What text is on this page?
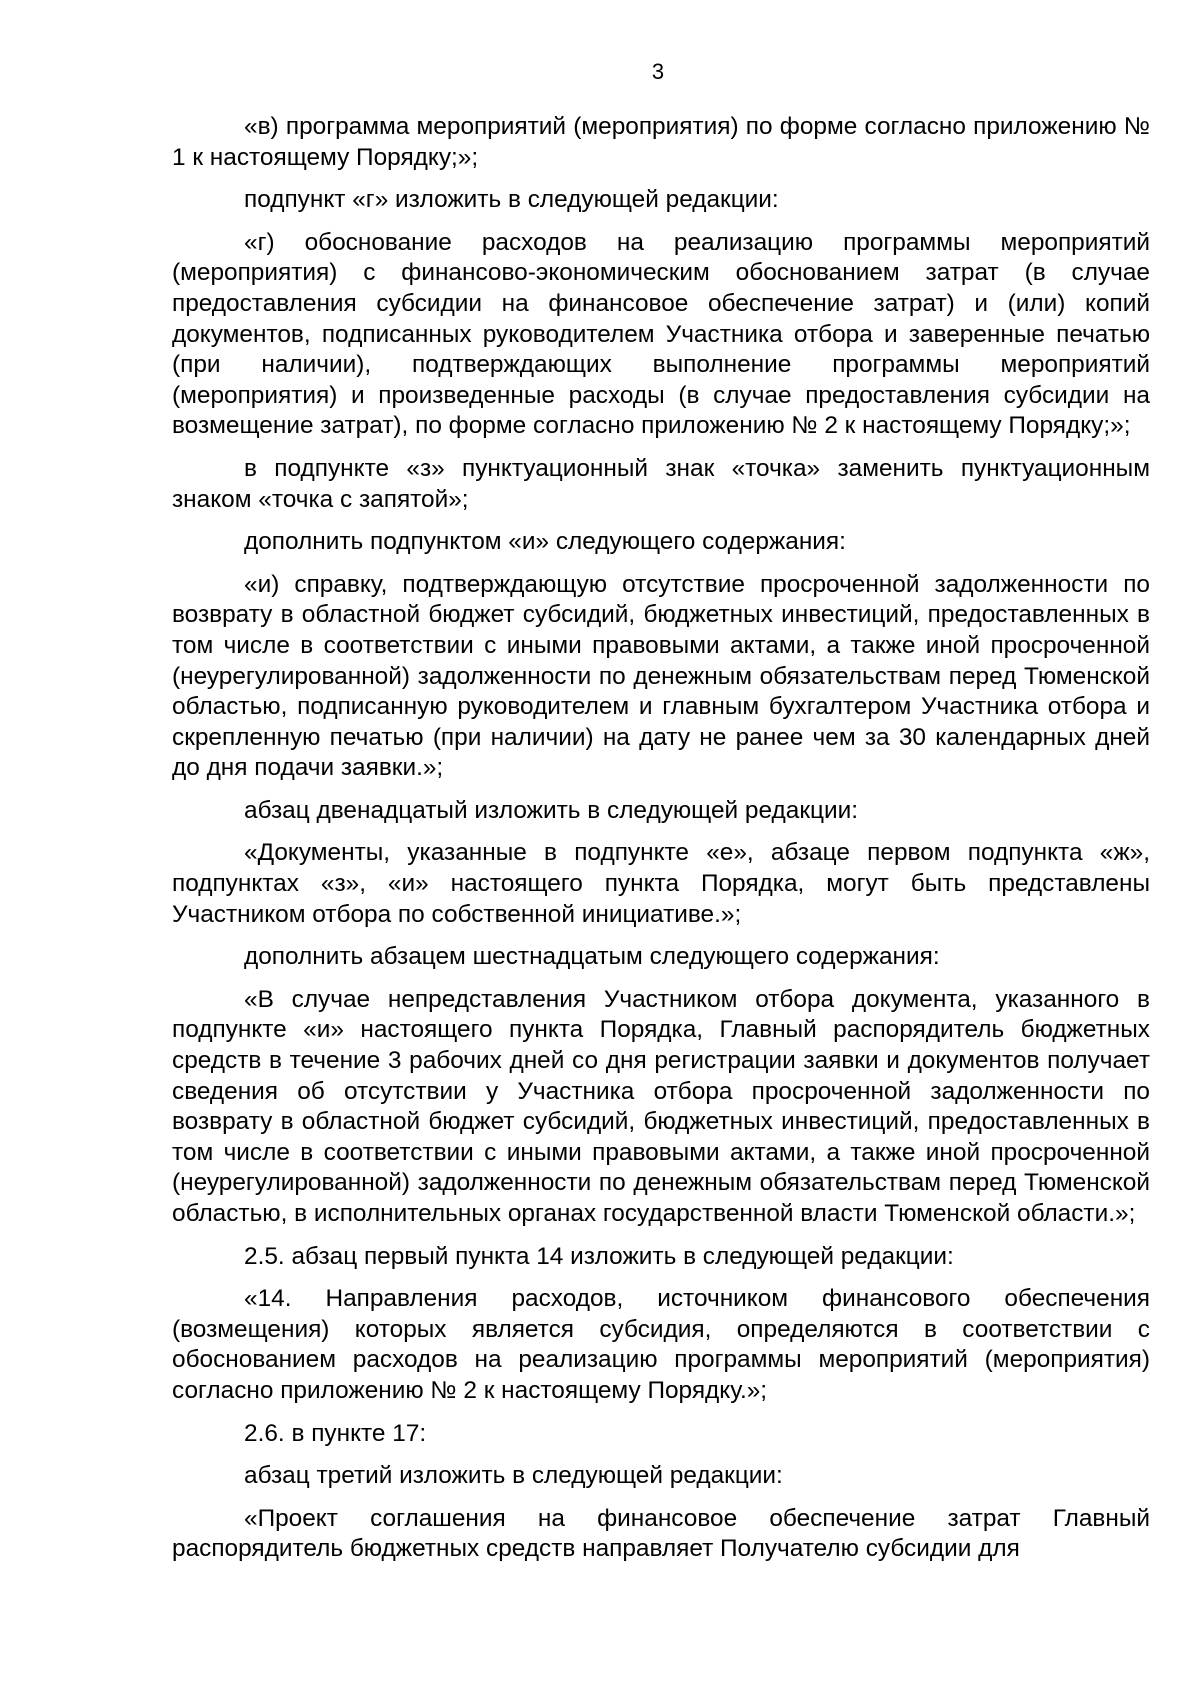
3

«в) программа мероприятий (мероприятия) по форме согласно приложению № 1 к настоящему Порядку;»;

подпункт «г» изложить в следующей редакции:

«г) обоснование расходов на реализацию программы мероприятий (мероприятия) с финансово-экономическим обоснованием затрат (в случае предоставления субсидии на финансовое обеспечение затрат) и (или) копий документов, подписанных руководителем Участника отбора и заверенные печатью (при наличии), подтверждающих выполнение программы мероприятий (мероприятия) и произведенные расходы (в случае предоставления субсидии на возмещение затрат), по форме согласно приложению № 2 к настоящему Порядку;»;

в подпункте «з» пунктуационный знак «точка» заменить пунктуационным знаком «точка с запятой»;

дополнить подпунктом «и» следующего содержания:

«и) справку, подтверждающую отсутствие просроченной задолженности по возврату в областной бюджет субсидий, бюджетных инвестиций, предоставленных в том числе в соответствии с иными правовыми актами, а также иной просроченной (неурегулированной) задолженности по денежным обязательствам перед Тюменской областью, подписанную руководителем и главным бухгалтером Участника отбора и скрепленную печатью (при наличии) на дату не ранее чем за 30 календарных дней до дня подачи заявки.»;

абзац двенадцатый изложить в следующей редакции:

«Документы, указанные в подпункте «е», абзаце первом подпункта «ж», подпунктах «з», «и» настоящего пункта Порядка, могут быть представлены Участником отбора по собственной инициативе.»;

дополнить абзацем шестнадцатым следующего содержания:

«В случае непредставления Участником отбора документа, указанного в подпункте «и» настоящего пункта Порядка, Главный распорядитель бюджетных средств в течение 3 рабочих дней со дня регистрации заявки и документов получает сведения об отсутствии у Участника отбора просроченной задолженности по возврату в областной бюджет субсидий, бюджетных инвестиций, предоставленных в том числе в соответствии с иными правовыми актами, а также иной просроченной (неурегулированной) задолженности по денежным обязательствам перед Тюменской областью, в исполнительных органах государственной власти Тюменской области.»;

2.5. абзац первый пункта 14 изложить в следующей редакции:

«14. Направления расходов, источником финансового обеспечения (возмещения) которых является субсидия, определяются в соответствии с обоснованием расходов на реализацию программы мероприятий (мероприятия) согласно приложению № 2 к настоящему Порядку.»;

2.6. в пункте 17:

абзац третий изложить в следующей редакции:

«Проект соглашения на финансовое обеспечение затрат Главный распорядитель бюджетных средств направляет Получателю субсидии для
